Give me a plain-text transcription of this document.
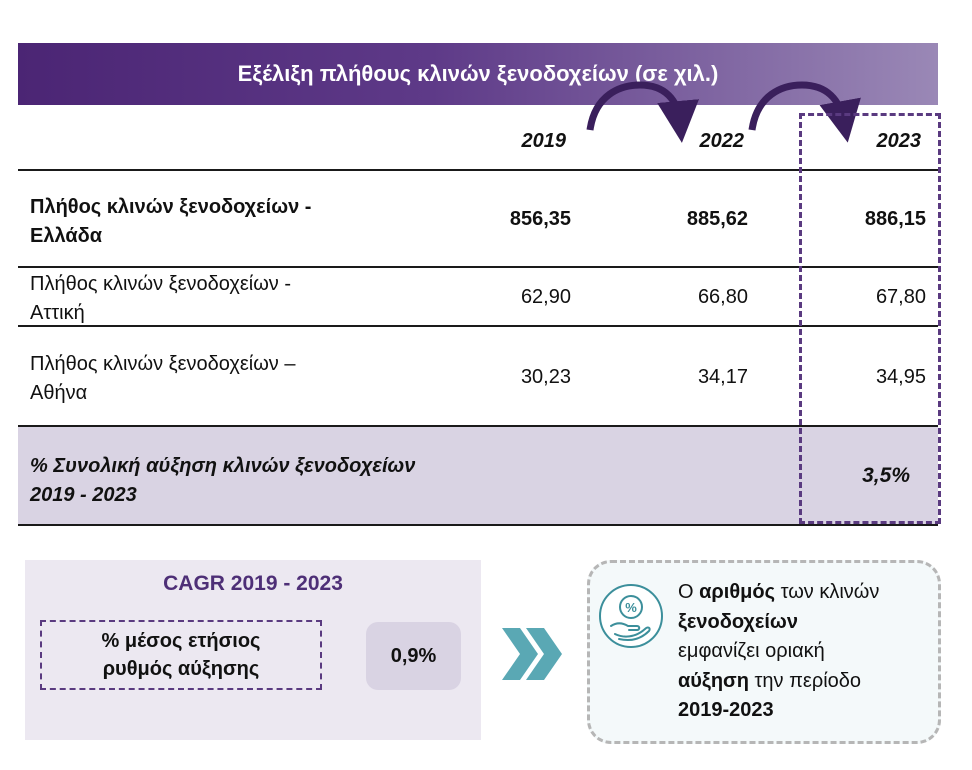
Εξέλιξη πλήθους κλινών ξενοδοχείων (σε χιλ.)
2019	2022	2023
Πλήθος κλινών ξενοδοχείων -
Ελλάδα
856,35	885,62	886,15
Πλήθος κλινών ξενοδοχείων -
Αττική
62,90	66,80	67,80
Πλήθος κλινών ξενοδοχείων –
Αθήνα
30,23	34,17	34,95
% Συνολική αύξηση κλινών ξενοδοχείων
2019 - 2023
3,5%
CAGR 2019 - 2023
% μέσος ετήσιος
ρυθμός αύξησης
0,9%
%
Ο αριθμός των κλινών
ξενοδοχείων
εμφανίζει οριακή
αύξηση την περίοδο
2019-2023
